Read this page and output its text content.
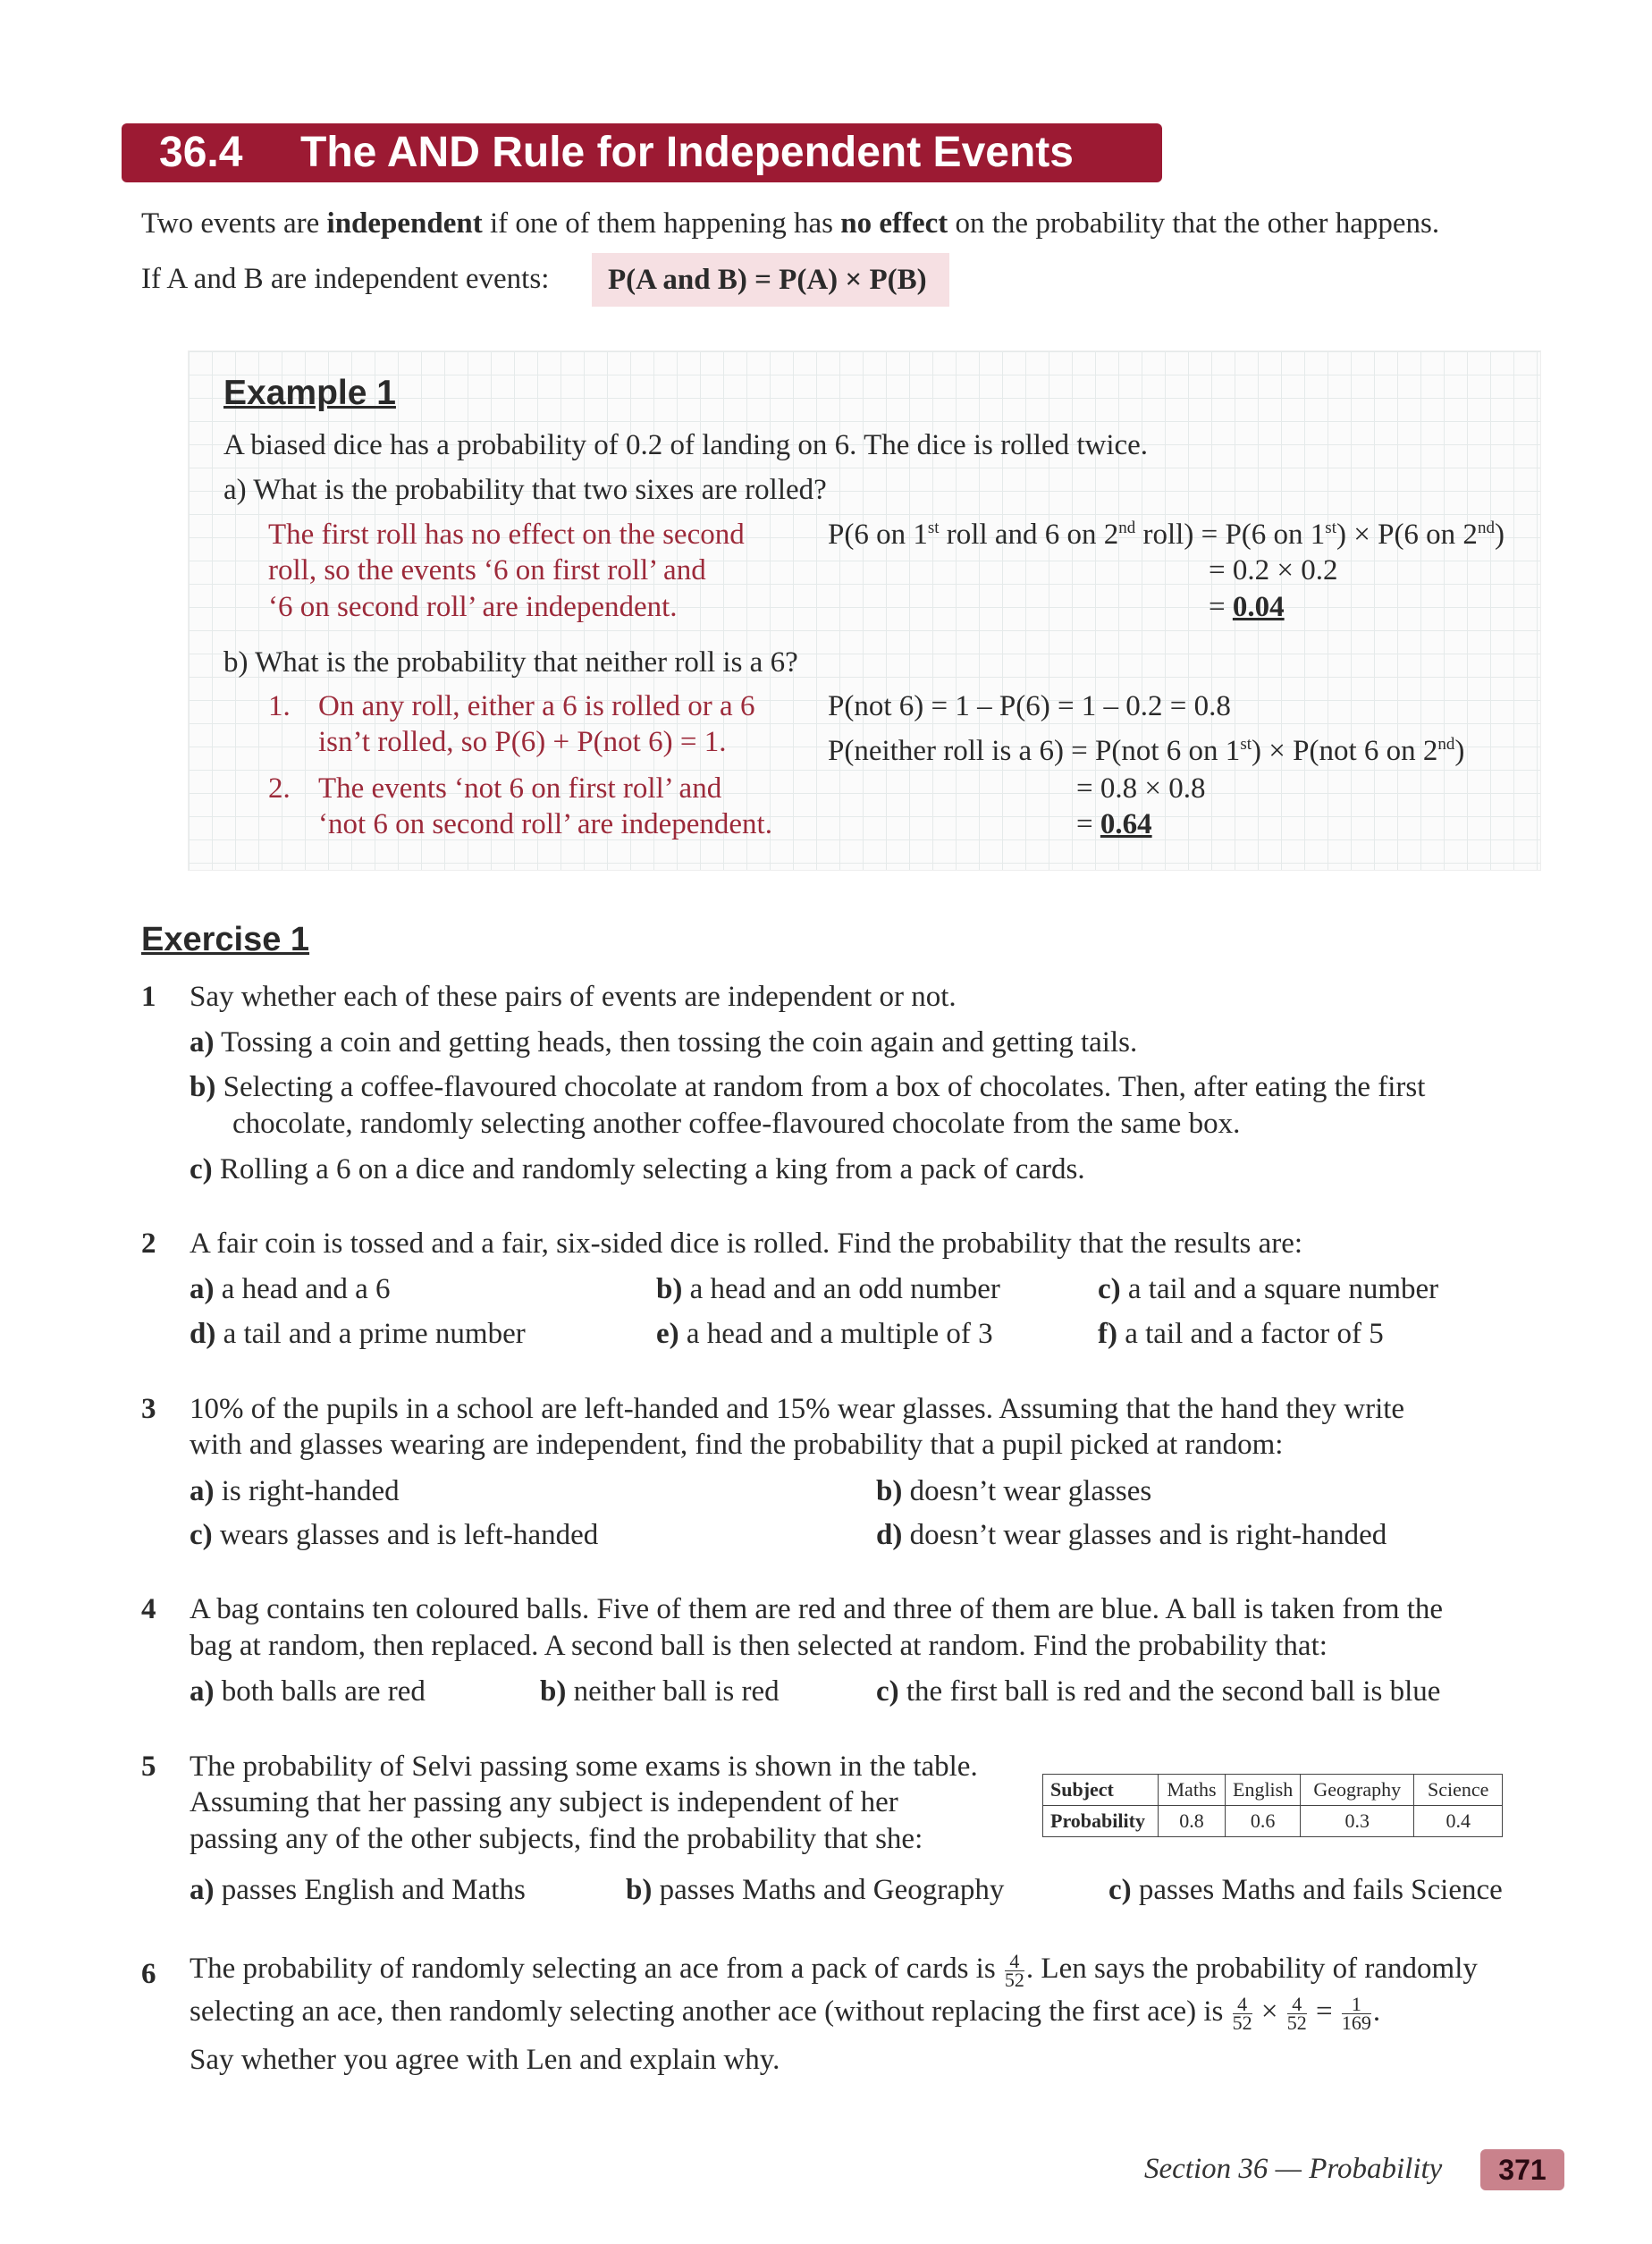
36.4 The AND Rule for Independent Events
Two events are independent if one of them happening has no effect on the probability that the other happens.
If A and B are independent events:	P(A and B) = P(A) × P(B)
Example 1
A biased dice has a probability of 0.2 of landing on 6. The dice is rolled twice.
a) What is the probability that two sixes are rolled?
The first roll has no effect on the second
roll, so the events ‘6 on first roll’ and
‘6 on second roll’ are independent.
P(6 on 1st roll and 6 on 2nd roll) = P(6 on 1st) × P(6 on 2nd)
= 0.2 × 0.2
= 0.04
b) What is the probability that neither roll is a 6?
1. On any roll, either a 6 is rolled or a 6
isn’t rolled, so P(6) + P(not 6) = 1.
2. The events ‘not 6 on first roll’ and
‘not 6 on second roll’ are independent.
P(not 6) = 1 – P(6) = 1 – 0.2 = 0.8
P(neither roll is a 6) = P(not 6 on 1st) × P(not 6 on 2nd)
= 0.8 × 0.8
= 0.64
Exercise 1
1 Say whether each of these pairs of events are independent or not.
a) Tossing a coin and getting heads, then tossing the coin again and getting tails.
b) Selecting a coffee-flavoured chocolate at random from a box of chocolates. Then, after eating the first
chocolate, randomly selecting another coffee-flavoured chocolate from the same box.
c) Rolling a 6 on a dice and randomly selecting a king from a pack of cards.
2 A fair coin is tossed and a fair, six-sided dice is rolled. Find the probability that the results are:
a) a head and a 6	b) a head and an odd number	c) a tail and a square number
d) a tail and a prime number	e) a head and a multiple of 3	f) a tail and a factor of 5
3 10% of the pupils in a school are left-handed and 15% wear glasses. Assuming that the hand they write
with and glasses wearing are independent, find the probability that a pupil picked at random:
a) is right-handed	b) doesn’t wear glasses
c) wears glasses and is left-handed	d) doesn’t wear glasses and is right-handed
4 A bag contains ten coloured balls. Five of them are red and three of them are blue. A ball is taken from the
bag at random, then replaced. A second ball is then selected at random. Find the probability that:
a) both balls are red	b) neither ball is red	c) the first ball is red and the second ball is blue
5 The probability of Selvi passing some exams is shown in the table.
Assuming that her passing any subject is independent of her
passing any of the other subjects, find the probability that she:
Subject	Maths	English	Geography	Science
Probability	0.8	0.6	0.3	0.4
a) passes English and Maths	b) passes Maths and Geography	c) passes Maths and fails Science
6 The probability of randomly selecting an ace from a pack of cards is $\frac{4}{52}$ . Len says the probability of randomly
selecting an ace, then randomly selecting another ace (without replacing the first ace) is $\frac{4}{52} \times \frac{4}{52} = \frac{1}{169}$ .
Say whether you agree with Len and explain why.
Section 36 — Probability	371
